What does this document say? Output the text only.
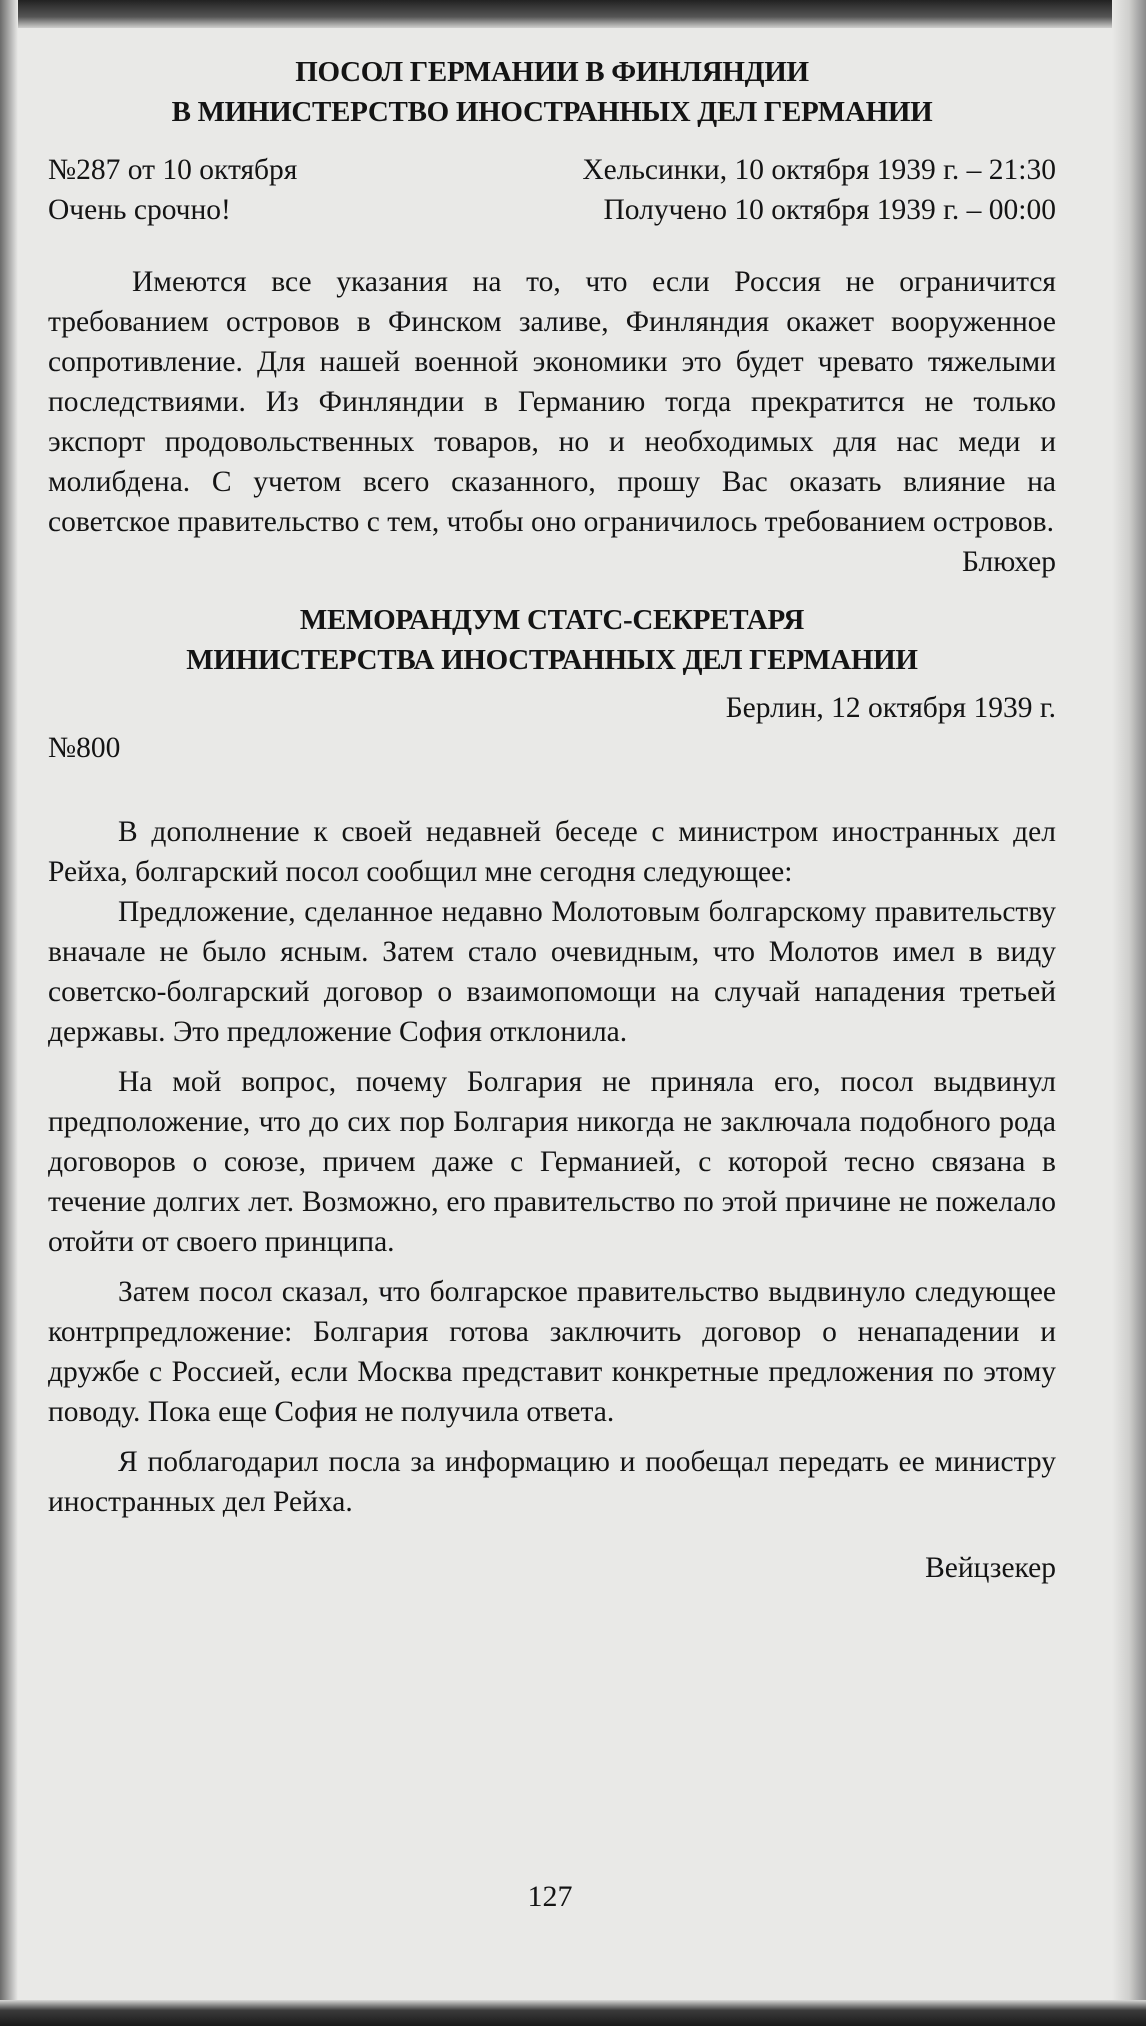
ПОСОЛ ГЕРМАНИИ В ФИНЛЯНДИИ
В МИНИСТЕРСТВО ИНОСТРАННЫХ ДЕЛ ГЕРМАНИИ
№287 от 10 октября	Хельсинки, 10 октября 1939 г. – 21:30
Очень срочно!	Получено 10 октября 1939 г. – 00:00

Имеются все указания на то, что если Россия не ограничится требованием островов в Финском заливе, Финляндия окажет вооруженное сопротивление. Для нашей военной экономики это будет чревато тяжелыми последствиями. Из Финляндии в Германию тогда прекратится не только экспорт продовольственных товаров, но и необходимых для нас меди и молибдена. С учетом всего сказанного, прошу Вас оказать влияние на советское правительство с тем, чтобы оно ограничилось требованием островов.

Блюхер
МЕМОРАНДУМ СТАТС-СЕКРЕТАРЯ
МИНИСТЕРСТВА ИНОСТРАННЫХ ДЕЛ ГЕРМАНИИ
Берлин, 12 октября 1939 г.
№800

В дополнение к своей недавней беседе с министром иностранных дел Рейха, болгарский посол сообщил мне сегодня следующее:

Предложение, сделанное недавно Молотовым болгарскому правительству вначале не было ясным. Затем стало очевидным, что Молотов имел в виду советско-болгарский договор о взаимопомощи на случай нападения третьей державы. Это предложение София отклонила.

На мой вопрос, почему Болгария не приняла его, посол выдвинул предположение, что до сих пор Болгария никогда не заключала подобного рода договоров о союзе, причем даже с Германией, с которой тесно связана в течение долгих лет. Возможно, его правительство по этой причине не пожелало отойти от своего принципа.

Затем посол сказал, что болгарское правительство выдвинуло следующее контрпредложение: Болгария готова заключить договор о ненападении и дружбе с Россией, если Москва представит конкретные предложения по этому поводу. Пока еще София не получила ответа.

Я поблагодарил посла за информацию и пообещал передать ее министру иностранных дел Рейха.

Вейцзекер
127
